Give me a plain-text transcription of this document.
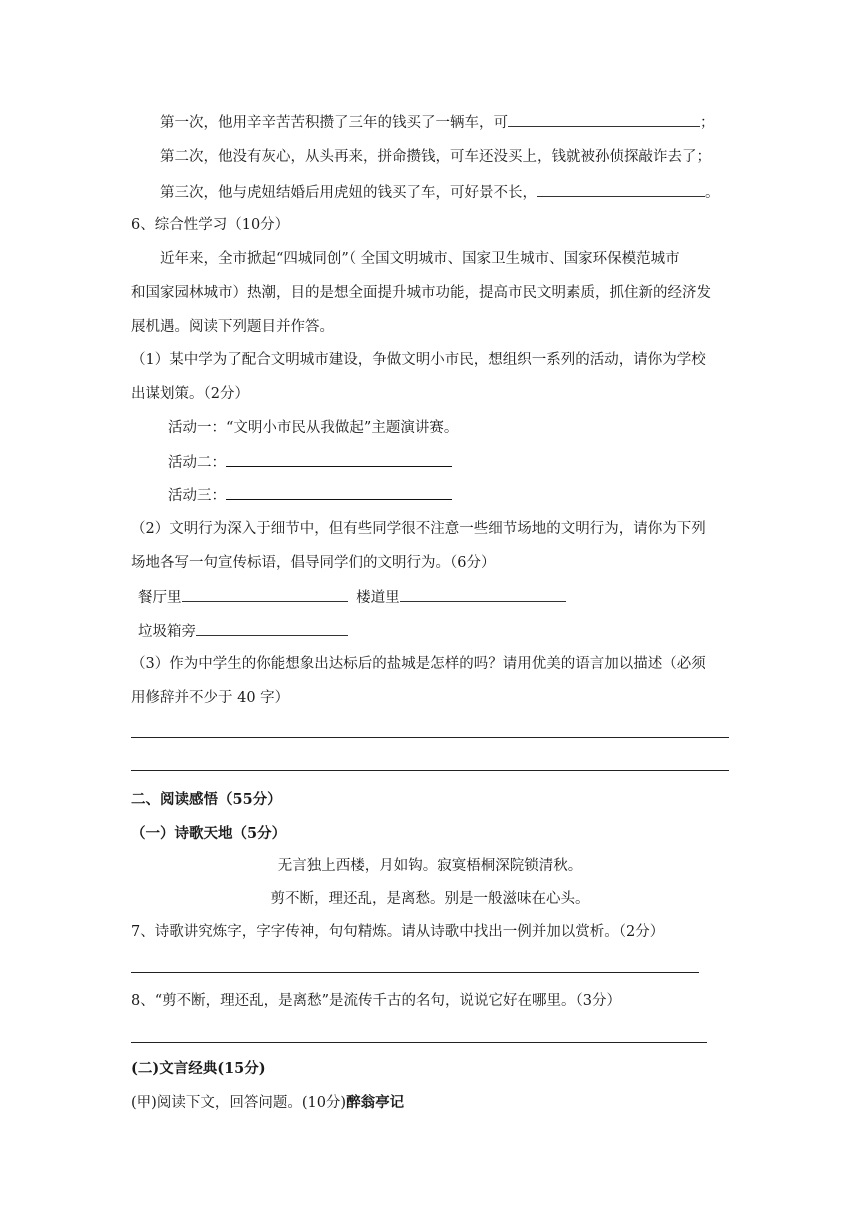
第一次，他用辛辛苦苦积攒了三年的钱买了一辆车，可	；
第二次，他没有灰心，从头再来，拼命攒钱，可车还没买上，钱就被孙侦探敲诈去了；
第三次，他与虎妞结婚后用虎妞的钱买了车，可好景不长，	。
6、综合性学习（10分）
近年来，全市掀起“四城同创”（ 全国文明城市、国家卫生城市、国家环保模范城市
和国家园林城市）热潮，目的是想全面提升城市功能，提高市民文明素质，抓住新的经济发
展机遇。阅读下列题目并作答。
（1）某中学为了配合文明城市建设，争做文明小市民，想组织一系列的活动，请你为学校
出谋划策。（2分）
活动一：“文明小市民从我做起”主题演讲赛。
活动二：
活动三：
（2）文明行为深入于细节中，但有些同学很不注意一些细节场地的文明行为，请你为下列
场地各写一句宣传标语，倡导同学们的文明行为。（6分）
餐厅里	楼道里
垃圾箱旁
（3）作为中学生的你能想象出达标后的盐城是怎样的吗？请用优美的语言加以描述（必须
用修辞并不少于 40 字）
二、阅读感悟（55分）
（一）诗歌天地（5分）
无言独上西楼，月如钩。寂寞梧桐深院锁清秋。
剪不断，理还乱，是离愁。别是一般滋味在心头。
7、诗歌讲究炼字，字字传神，句句精炼。请从诗歌中找出一例并加以赏析。（2分）
8、“剪不断，理还乱，是离愁”是流传千古的名句，说说它好在哪里。（3分）
(二)文言经典(15分)
(甲)阅读下文，回答问题。(10分)醉翁亭记
